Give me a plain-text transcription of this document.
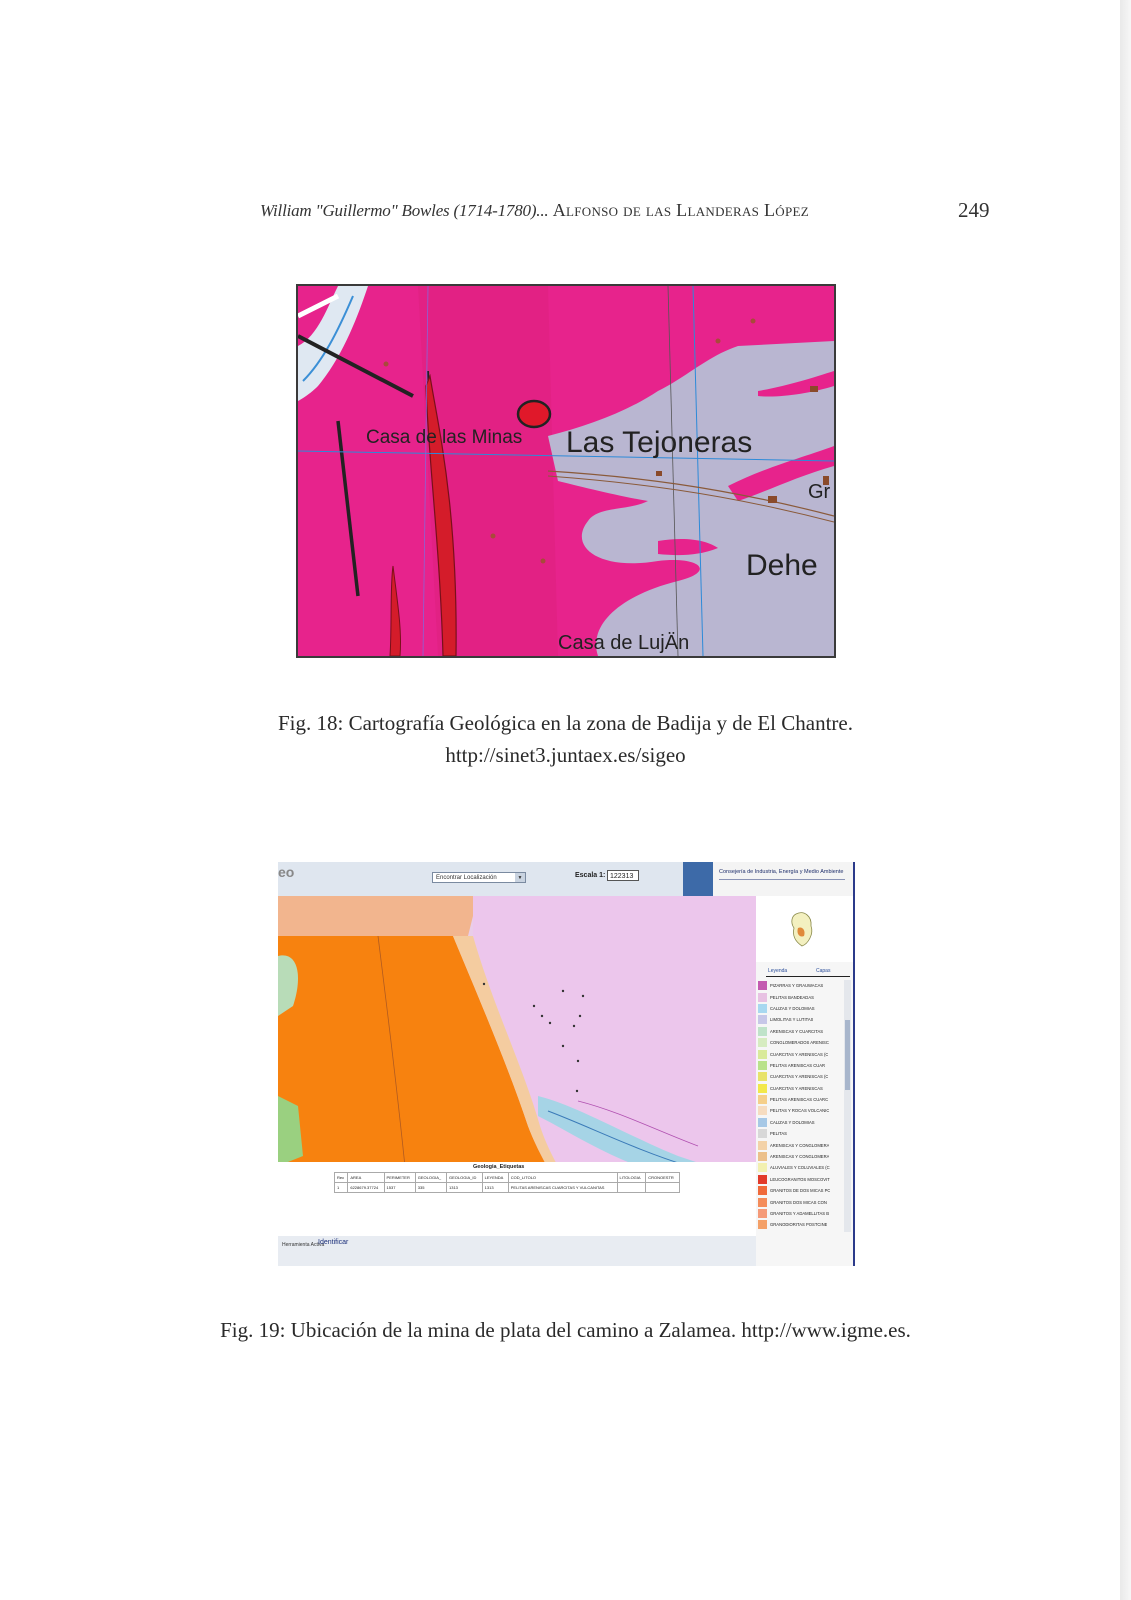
William "Guillermo" Bowles (1714-1780)... Alfonso de las Llanderas López	249
Casa de las Minas Las Tejoneras
Gr
Dehe
Casa de LujÄn
Fig. 18: Cartografía Geológica en la zona de Badija y de El Chantre.
http://sinet3.juntaex.es/sigeo
eo	Encontrar Localización	▼	Escala 1: 122313
Consejería de Industria, Energía y Medio Ambiente
Leyenda	Capas
PIZARRAS Y GRAUWACAS
PELITAS BANDEADAS
CALIZAS Y DOLOMIAS
LIMOLITAS Y LUTITAS
ARENISCAS Y CUARCITAS
CONGLOMERADOS ARENISC
CUARCITAS Y ARENISCAS (C
PELITAS ARENISCAS CUAR
CUARCITAS Y ARENISCAS (C
CUARCITAS Y ARENISCAS
PELITAS ARENISCAS CUARC
PELITAS Y ROCAS VOLCANIC
CALIZAS Y DOLOMIAS
PELITAS
ARENISCAS Y CONGLOMERA
ARENISCAS Y CONGLOMERA
ALUVIALES Y COLUVIALES (C
LEUCOGRANITOS MOSCOVIT
GRANITOS DE DOS MICAS PC
GRANITOS DOS MICAS CON
GRANITOS Y ADAMELLITAS B
GRANODIORITAS POSTCINE
Geologia_Etiquetas
Rec	AREA	PERIMETER	GEOLOGIA_	GEOLOGIA_ID	LEYENDA	COD_LITOLO	LITOLOGIA	CRONOESTR
1	6228679.37724	1537	335	1313	1313	PELITAS ARENISCAS CUARCITAS Y VULCANITAS		
Herramienta Activa
Identificar
Fig. 19: Ubicación de la mina de plata del camino a Zalamea. http://www.igme.es.
